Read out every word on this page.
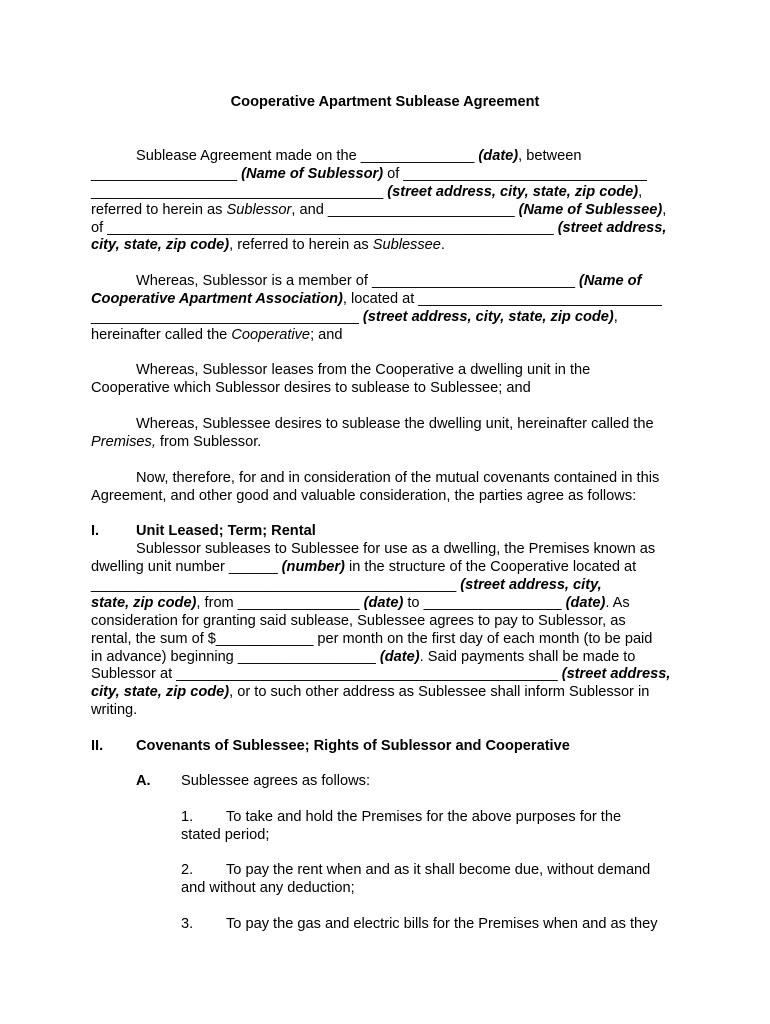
Cooperative Apartment Sublease Agreement
Sublease Agreement made on the ______________ (date), between
__________________ (Name of Sublessor) of ______________________________
____________________________________ (street address, city, state, zip code),
referred to herein as Sublessor, and _______________________ (Name of Sublessee),
of _______________________________________________________ (street address,
city, state, zip code), referred to herein as Sublessee.
Whereas, Sublessor is a member of _________________________ (Name of
Cooperative Apartment Association), located at ______________________________
_________________________________ (street address, city, state, zip code),
hereinafter called the Cooperative; and
Whereas, Sublessor leases from the Cooperative a dwelling unit in the
Cooperative which Sublessor desires to sublease to Sublessee; and
Whereas, Sublessee desires to sublease the dwelling unit, hereinafter called the
Premises, from Sublessor.
Now, therefore, for and in consideration of the mutual covenants contained in this
Agreement, and other good and valuable consideration, the parties agree as follows:
I.	Unit Leased; Term; Rental
Sublessor subleases to Sublessee for use as a dwelling, the Premises known as
dwelling unit number ______ (number) in the structure of the Cooperative located at
_____________________________________________ (street address, city,
state, zip code), from _______________ (date) to _________________ (date). As
consideration for granting said sublease, Sublessee agrees to pay to Sublessor, as
rental, the sum of $____________ per month on the first day of each month (to be paid
in advance) beginning _________________ (date). Said payments shall be made to
Sublessor at _______________________________________________ (street address,
city, state, zip code), or to such other address as Sublessee shall inform Sublessor in
writing.
II. Covenants of Sublessee; Rights of Sublessor and Cooperative
A. Sublessee agrees as follows:
1. To take and hold the Premises for the above purposes for the
stated period;
2. To pay the rent when and as it shall become due, without demand
and without any deduction;
3. To pay the gas and electric bills for the Premises when and as they
